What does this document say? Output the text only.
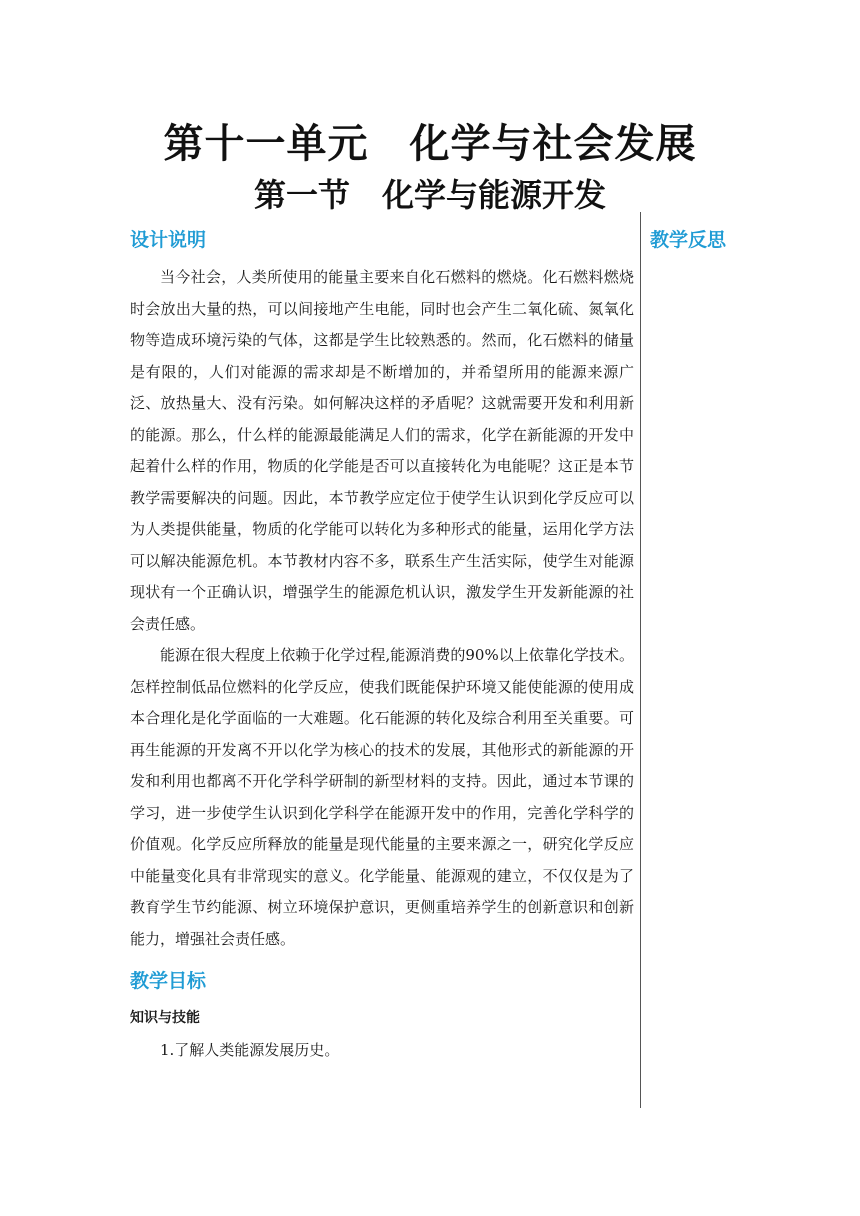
第十一单元　化学与社会发展
第一节　化学与能源开发
设计说明

当今社会，人类所使用的能量主要来自化石燃料的燃烧。化石燃料燃烧时会放出大量的热，可以间接地产生电能，同时也会产生二氧化硫、氮氧化物等造成环境污染的气体，这都是学生比较熟悉的。然而，化石燃料的储量是有限的，人们对能源的需求却是不断增加的，并希望所用的能源来源广泛、放热量大、没有污染。如何解决这样的矛盾呢？这就需要开发和利用新的能源。那么，什么样的能源最能满足人们的需求，化学在新能源的开发中起着什么样的作用，物质的化学能是否可以直接转化为电能呢？这正是本节教学需要解决的问题。因此，本节教学应定位于使学生认识到化学反应可以为人类提供能量，物质的化学能可以转化为多种形式的能量，运用化学方法可以解决能源危机。本节教材内容不多，联系生产生活实际，使学生对能源现状有一个正确认识，增强学生的能源危机认识，激发学生开发新能源的社会责任感。

能源在很大程度上依赖于化学过程,能源消费的90%以上依靠化学技术。怎样控制低品位燃料的化学反应，使我们既能保护环境又能使能源的使用成本合理化是化学面临的一大难题。化石能源的转化及综合利用至关重要。可再生能源的开发离不开以化学为核心的技术的发展，其他形式的新能源的开发和利用也都离不开化学科学研制的新型材料的支持。因此，通过本节课的学习，进一步使学生认识到化学科学在能源开发中的作用，完善化学科学的价值观。化学反应所释放的能量是现代能量的主要来源之一，研究化学反应中能量变化具有非常现实的意义。化学能量、能源观的建立，不仅仅是为了教育学生节约能源、树立环境保护意识，更侧重培养学生的创新意识和创新能力，增强社会责任感。

教学目标
知识与技能

1.了解人类能源发展历史。

教学反思
